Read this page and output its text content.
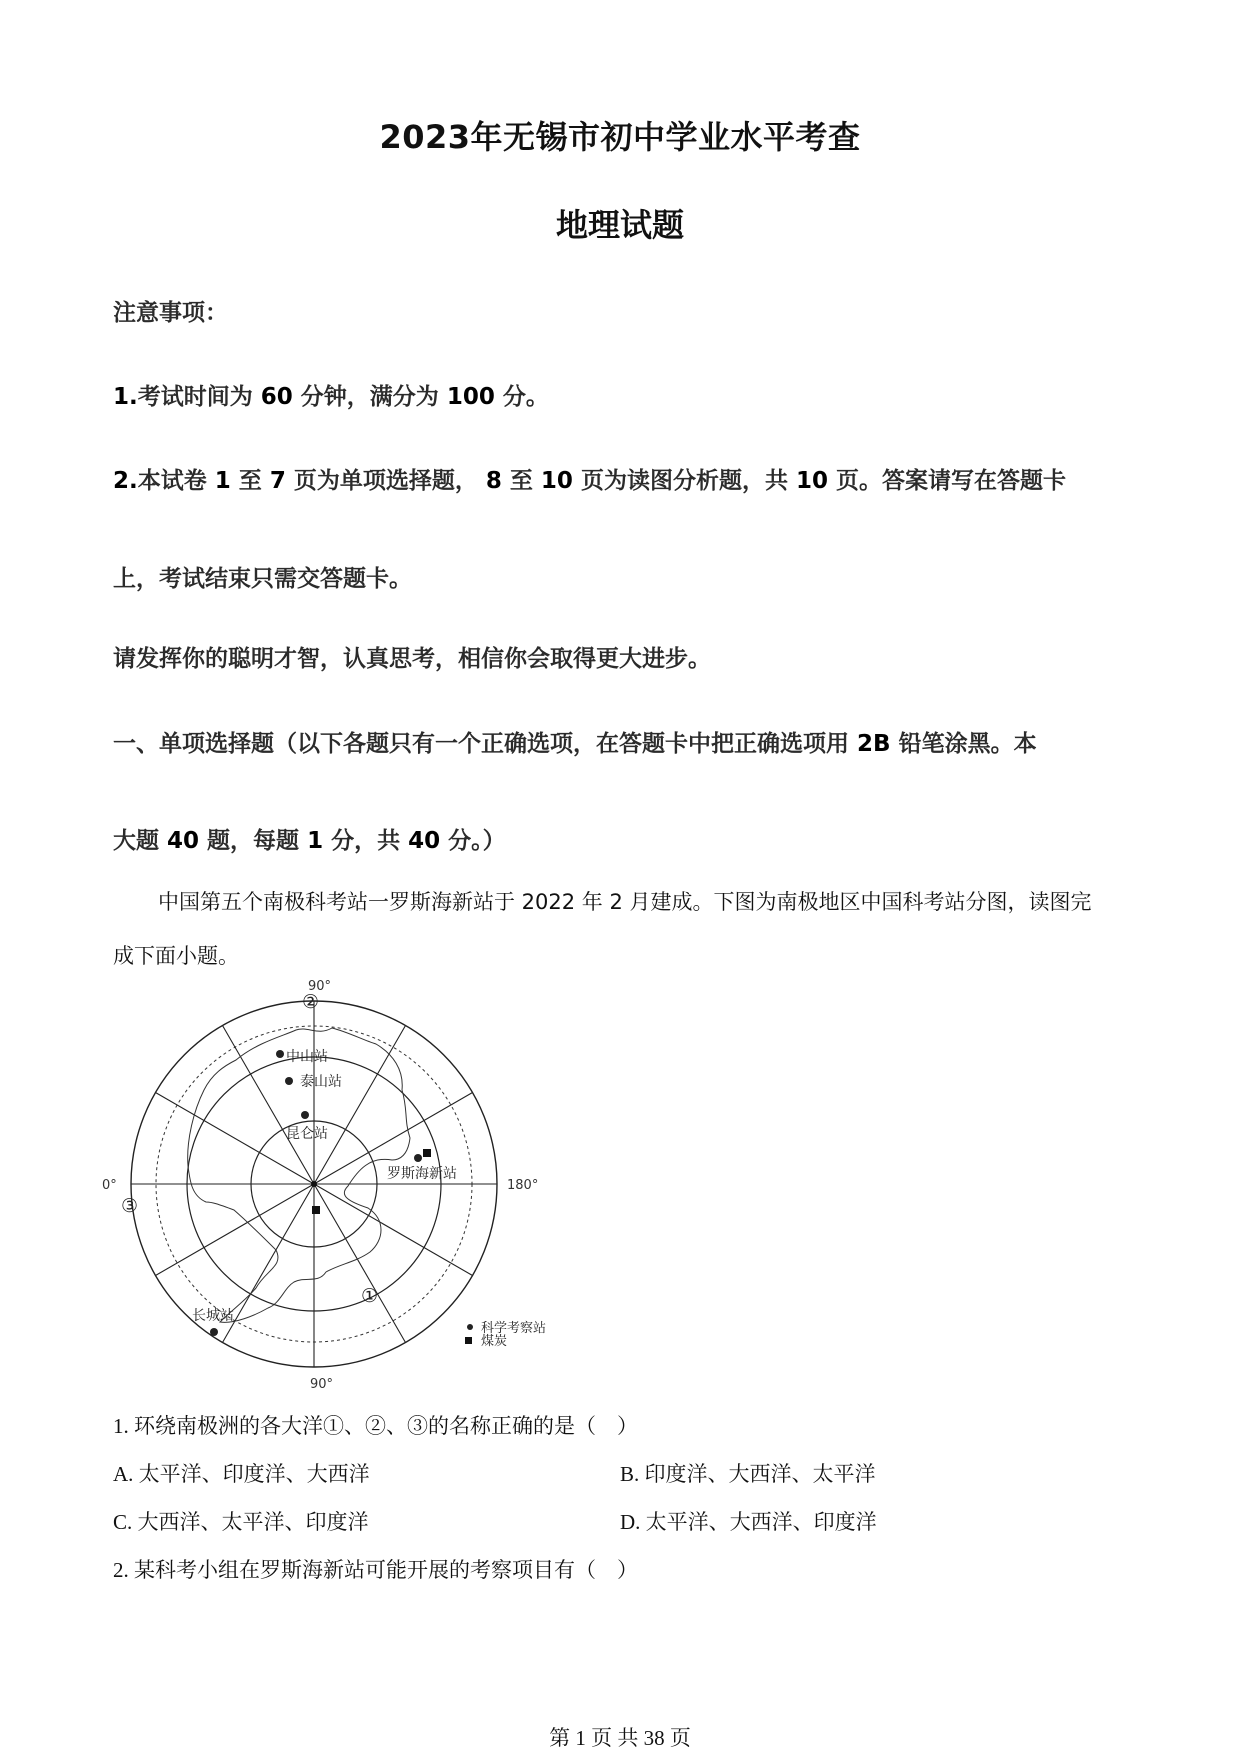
2023年无锡市初中学业水平考查
地理试题
注意事项：
1.考试时间为 60 分钟，满分为 100 分。
2.本试卷 1 至 7 页为单项选择题， 8 至 10 页为读图分析题，共 10 页。答案请写在答题卡
上，考试结束只需交答题卡。
请发挥你的聪明才智，认真思考，相信你会取得更大进步。
一、单项选择题（以下各题只有一个正确选项，在答题卡中把正确选项用 2B 铅笔涂黑。本
大题 40 题，每题 1 分，共 40 分。）
中国第五个南极科考站一罗斯海新站于 2022 年 2 月建成。下图为南极地区中国科考站分图，读图完
成下面小题。
90°
90°
0°	180°
②
③
①
中山站
泰山站
昆仑站
罗斯海新站
长城站
科学考察站
煤炭
1. 环绕南极洲的各大洋①、②、③的名称正确的是（　）
A. 太平洋、印度洋、大西洋	B. 印度洋、大西洋、太平洋
C. 大西洋、太平洋、印度洋	D. 太平洋、大西洋、印度洋
2. 某科考小组在罗斯海新站可能开展的考察项目有（　）
第 1 页 共 38 页
